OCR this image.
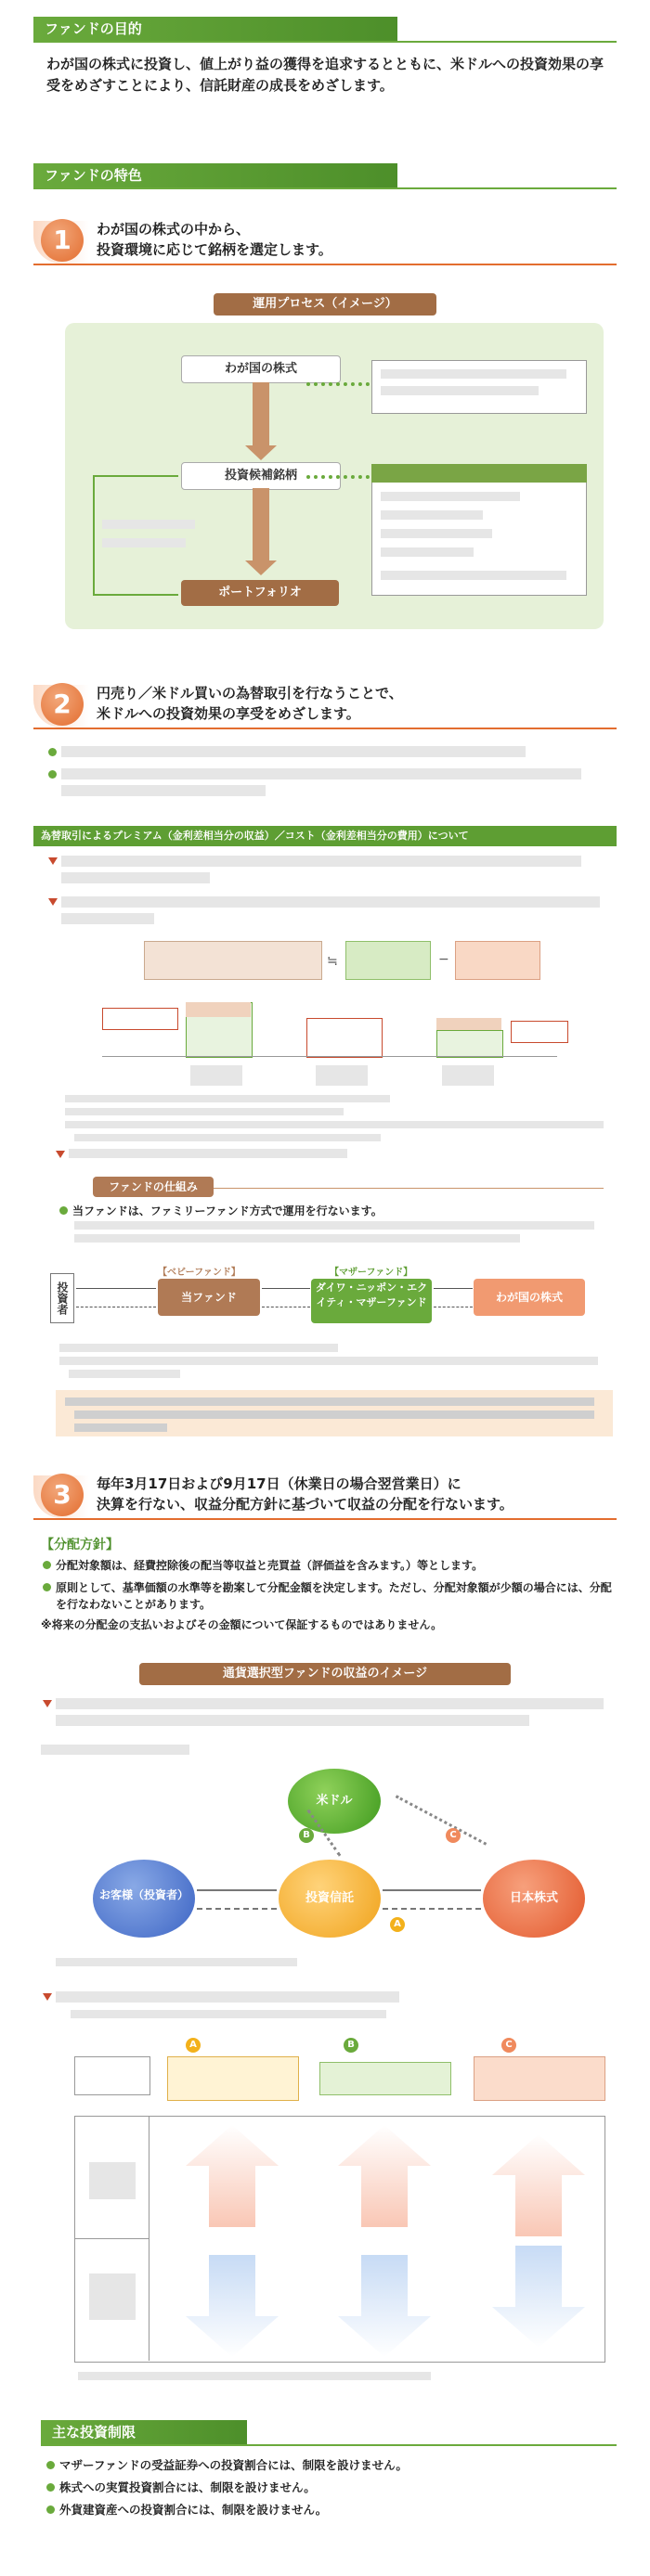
ファンドの目的
わが国の株式に投資し、値上がり益の獲得を追求するとともに、米ドルへの投資効果の享受をめざすことにより、信託財産の成長をめざします。
ファンドの特色
1	わが国の株式の中から、
投資環境に応じて銘柄を選定します。
運用プロセス（イメージ）
わが国の株式
投資候補銘柄
ポートフォリオ
2	円売り／米ドル買いの為替取引を行なうことで、
米ドルへの投資効果の享受をめざします。
為替取引によるプレミアム（金利差相当分の収益）／コスト（金利差相当分の費用）について
≒	−
ファンドの仕組み
当ファンドは、ファミリーファンド方式で運用を行ないます。
投資者
【ベビーファンド】
当ファンド
【マザーファンド】
ダイワ・ニッポン・エクイティ・マザーファンド	わが国の株式
3	毎年3月17日および9月17日（休業日の場合翌営業日）に
決算を行ない、収益分配方針に基づいて収益の分配を行ないます。
【分配方針】
分配対象額は、経費控除後の配当等収益と売買益（評価益を含みます。）等とします。
原則として、基準価額の水準等を勘案して分配金額を決定します。ただし、分配対象額が少額の場合には、分配を行なわないことがあります。
※将来の分配金の支払いおよびその金額について保証するものではありません。
通貨選択型ファンドの収益のイメージ
米ドル
お客様（投資者）	投資信託	日本株式
B	C
A
A	B	C
主な投資制限
マザーファンドの受益証券への投資割合には、制限を設けません。
株式への実質投資割合には、制限を設けません。
外貨建資産への投資割合には、制限を設けません。
